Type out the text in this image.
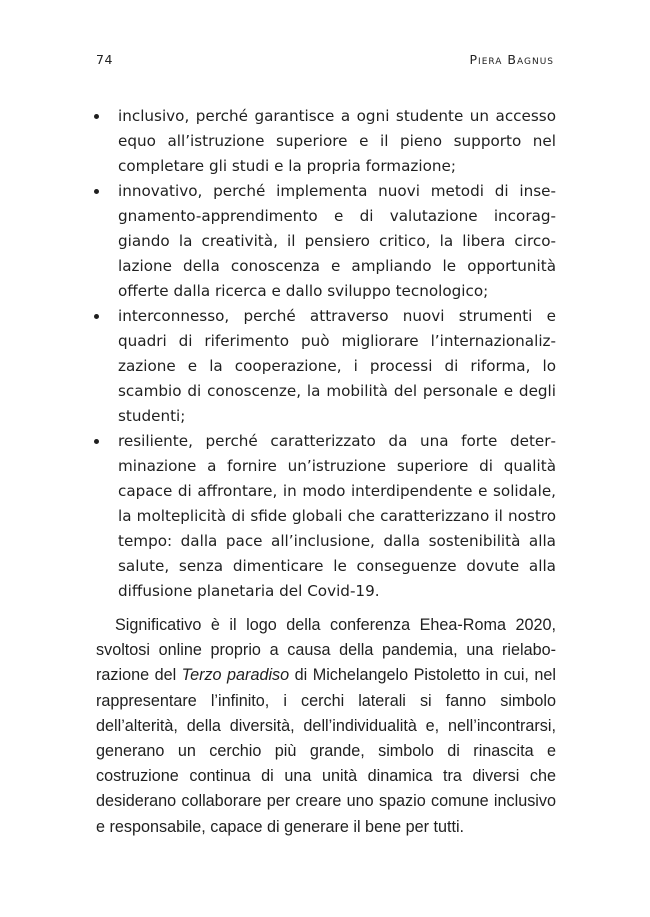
74	Piera Bagnus
inclusivo, perché garantisce a ogni studente un accesso equo all’istruzione superiore e il pieno supporto nel completare gli studi e la propria formazione;
innovativo, perché implementa nuovi metodi di insegnamento-apprendimento e di valutazione incoraggiando la creatività, il pensiero critico, la libera circolazione della conoscenza e ampliando le opportunità offerte dalla ricerca e dallo sviluppo tecnologico;
interconnesso, perché attraverso nuovi strumenti e quadri di riferimento può migliorare l’internazionalizzazione e la cooperazione, i processi di riforma, lo scambio di conoscenze, la mobilità del personale e degli studenti;
resiliente, perché caratterizzato da una forte determinazione a fornire un’istruzione superiore di qualità capace di affrontare, in modo interdipendente e solidale, la molteplicità di sfide globali che caratterizzano il nostro tempo: dalla pace all’inclusione, dalla sostenibilità alla salute, senza dimenticare le conseguenze dovute alla diffusione planetaria del Covid-19.

Significativo è il logo della conferenza Ehea-Roma 2020, svoltosi online proprio a causa della pandemia, una rielaborazione del Terzo paradiso di Michelangelo Pistoletto in cui, nel rappresentare l’infinito, i cerchi laterali si fanno simbolo dell’alterità, della diversità, dell’individualità e, nell’incontrarsi, generano un cerchio più grande, simbolo di rinascita e costruzione continua di una unità dinamica tra diversi che desiderano collaborare per creare uno spazio comune inclusivo e responsabile, capace di generare il bene per tutti.
